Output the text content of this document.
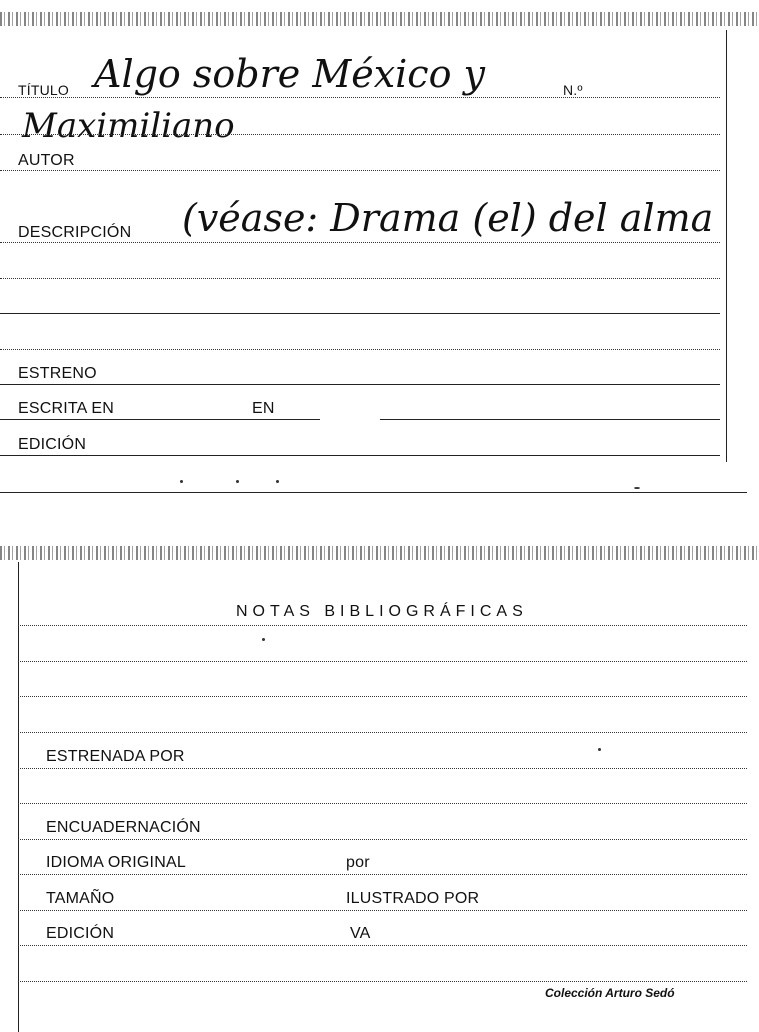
TÍTULO	N.º
Algo sobre México y
Maximiliano
AUTOR
DESCRIPCIÓN (véase: Drama (el) del alma
ESTRENO
ESCRITA EN	EN
EDICIÓN
NOTAS BIBLIOGRÁFICAS
ESTRENADA POR
ENCUADERNACIÓN
IDIOMA ORIGINAL	por
TAMAÑO	ILUSTRADO POR
EDICIÓN	VA
Colección Arturo Sedó
